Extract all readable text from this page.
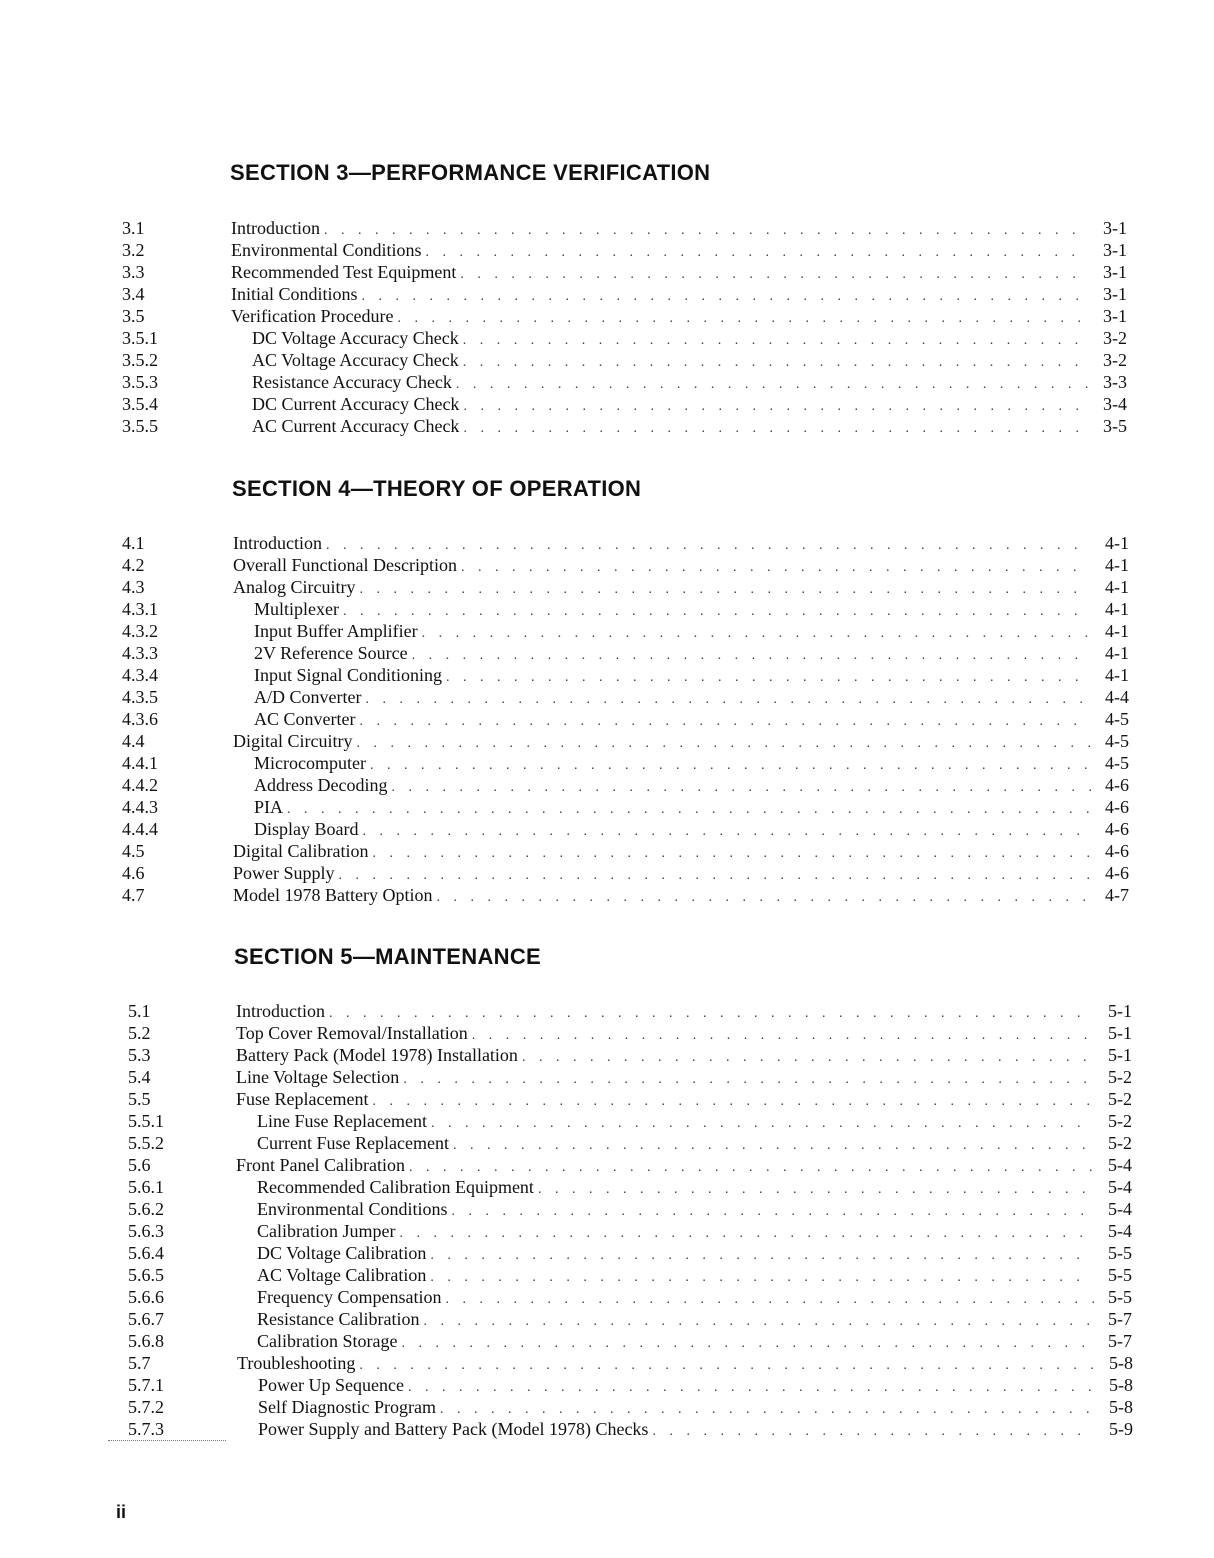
SECTION 3—PERFORMANCE VERIFICATION
3.1	Introduction . . .	3-1
3.2	Environmental Conditions . . .	3-1
3.3	Recommended Test Equipment . . .	3-1
3.4	Initial Conditions . . .	3-1
3.5	Verification Procedure . . .	3-1
3.5.1	DC Voltage Accuracy Check . . .	3-2
3.5.2	AC Voltage Accuracy Check . . .	3-2
3.5.3	Resistance Accuracy Check . . .	3-3
3.5.4	DC Current Accuracy Check . . .	3-4
3.5.5	AC Current Accuracy Check . . .	3-5
SECTION 4—THEORY OF OPERATION
4.1	Introduction . . .	4-1
4.2	Overall Functional Description . . .	4-1
4.3	Analog Circuitry . . .	4-1
4.3.1	Multiplexer . . .	4-1
4.3.2	Input Buffer Amplifier . . .	4-1
4.3.3	2V Reference Source . . .	4-1
4.3.4	Input Signal Conditioning . . .	4-1
4.3.5	A/D Converter . . .	4-4
4.3.6	AC Converter . . .	4-5
4.4	Digital Circuitry . . .	4-5
4.4.1	Microcomputer . . .	4-5
4.4.2	Address Decoding . . .	4-6
4.4.3	PIA . . .	4-6
4.4.4	Display Board . . .	4-6
4.5	Digital Calibration . . .	4-6
4.6	Power Supply . . .	4-6
4.7	Model 1978 Battery Option . . .	4-7
SECTION 5—MAINTENANCE
5.1	Introduction . . .	5-1
5.2	Top Cover Removal/Installation . . .	5-1
5.3	Battery Pack (Model 1978) Installation . . .	5-1
5.4	Line Voltage Selection . . .	5-2
5.5	Fuse Replacement . . .	5-2
5.5.1	Line Fuse Replacement . . .	5-2
5.5.2	Current Fuse Replacement . . .	5-2
5.6	Front Panel Calibration . . .	5-4
5.6.1	Recommended Calibration Equipment . . .	5-4
5.6.2	Environmental Conditions . . .	5-4
5.6.3	Calibration Jumper . . .	5-4
5.6.4	DC Voltage Calibration . . .	5-5
5.6.5	AC Voltage Calibration . . .	5-5
5.6.6	Frequency Compensation . . .	5-5
5.6.7	Resistance Calibration . . .	5-7
5.6.8	Calibration Storage . . .	5-7
5.7	Troubleshooting . . .	5-8
5.7.1	Power Up Sequence . . .	5-8
5.7.2	Self Diagnostic Program . . .	5-8
5.7.3	Power Supply and Battery Pack (Model 1978) Checks . . .	5-9
ii
